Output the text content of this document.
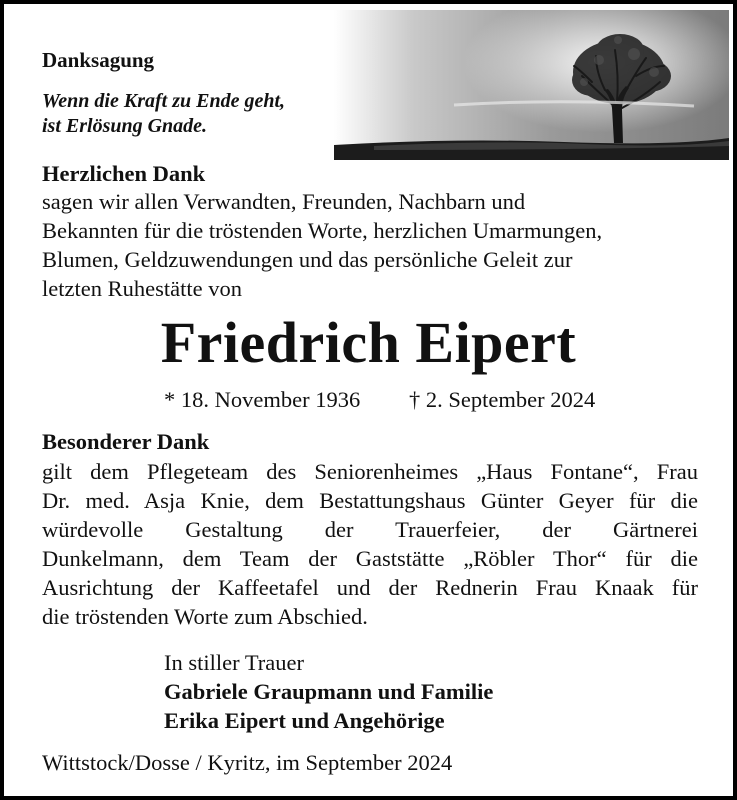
Danksagung
Wenn die Kraft zu Ende geht,
ist Erlösung Gnade.
Herzlichen Dank
sagen wir allen Verwandten, Freunden, Nachbarn und
Bekannten für die tröstenden Worte, herzlichen Umarmungen,
Blumen, Geldzuwendungen und das persönliche Geleit zur
letzten Ruhestätte von
Friedrich Eipert
* 18. November 1936 † 2. September 2024
Besonderer Dank
gilt dem Pflegeteam des Seniorenheimes „Haus Fontane“, Frau
Dr. med. Asja Knie, dem Bestattungshaus Günter Geyer für die
würdevolle Gestaltung der Trauerfeier, der Gärtnerei
Dunkelmann, dem Team der Gaststätte „Röbler Thor“ für die
Ausrichtung der Kaffeetafel und der Rednerin Frau Knaak für
die tröstenden Worte zum Abschied.
In stiller Trauer
Gabriele Graupmann und Familie
Erika Eipert und Angehörige
Wittstock/Dosse / Kyritz, im September 2024
